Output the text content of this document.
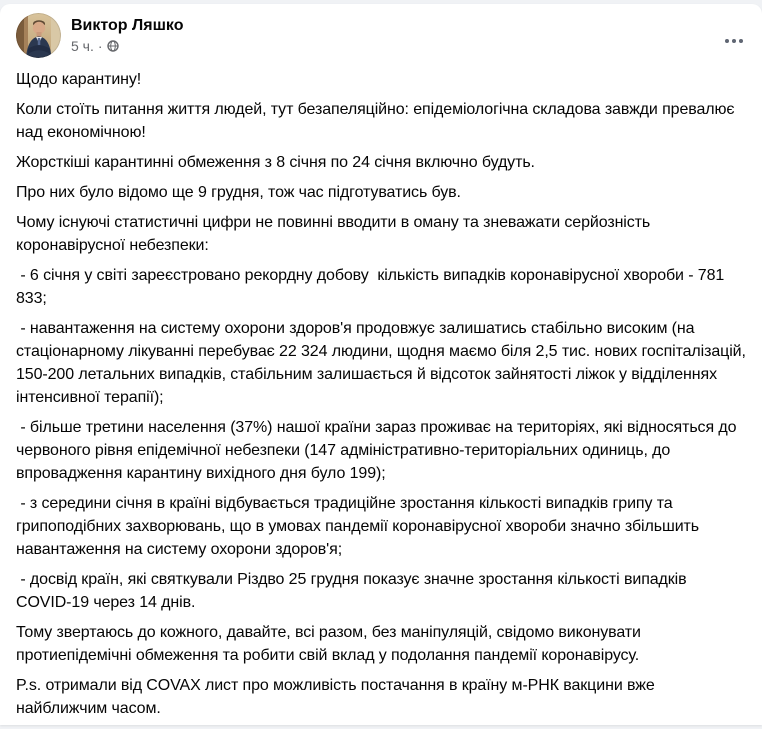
Виктор Ляшко
5 ч. ·

Щодо карантину!

Коли стоїть питання життя людей, тут безапеляційно: епідеміологічна складова завжди превалює над економічною!

Жорсткіші карантинні обмеження з 8 січня по 24 січня включно будуть.

Про них було відомо ще 9 грудня, тож час підготуватись був.

Чому існуючі статистичні цифри не повинні вводити в оману та зневажати серйозність коронавірусної небезпеки:

- 6 січня у світі зареєстровано рекордну добову  кількість випадків коронавірусної хвороби - 781 833;

- навантаження на систему охорони здоров'я продовжує залишатись стабільно високим (на стаціонарному лікуванні перебуває 22 324 людини, щодня маємо біля 2,5 тис. нових госпіталізацій, 150-200 летальних випадків, стабільним залишається й відсоток зайнятості ліжок у відділеннях інтенсивної терапії);

- більше третини населення (37%) нашої країни зараз проживає на територіях, які відносяться до червоного рівня епідемічної небезпеки (147 адміністративно-територіальних одиниць, до впровадження карантину вихідного дня було 199);

- з середини січня в країні відбувається традиційне зростання кількості випадків грипу та грипоподібних захворювань, що в умовах пандемії коронавірусної хвороби значно збільшить навантаження на систему охорони здоров'я;

- досвід країн, які святкували Різдво 25 грудня показує значне зростання кількості випадків COVID-19 через 14 днів.

Тому звертаюсь до кожного, давайте, всі разом, без маніпуляцій, свідомо виконувати протиепідемічні обмеження та робити свій вклад у подолання пандемії коронавірусу.

P.s. отримали від COVAX лист про можливість постачання в країну м-РНК вакцини вже найближчим часом.
